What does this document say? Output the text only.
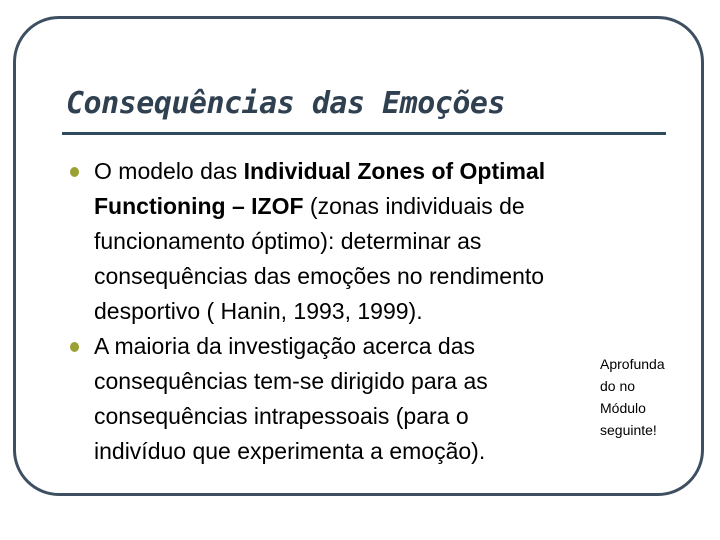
Consequências das Emoções
O modelo das Individual Zones of Optimal
Functioning – IZOF (zonas individuais de
funcionamento óptimo): determinar as
consequências das emoções no rendimento
desportivo ( Hanin, 1993, 1999).
A maioria da investigação acerca das
consequências tem-se dirigido para as
consequências intrapessoais (para o
indivíduo que experimenta a emoção).
Aprofunda
do no
Módulo
seguinte!
